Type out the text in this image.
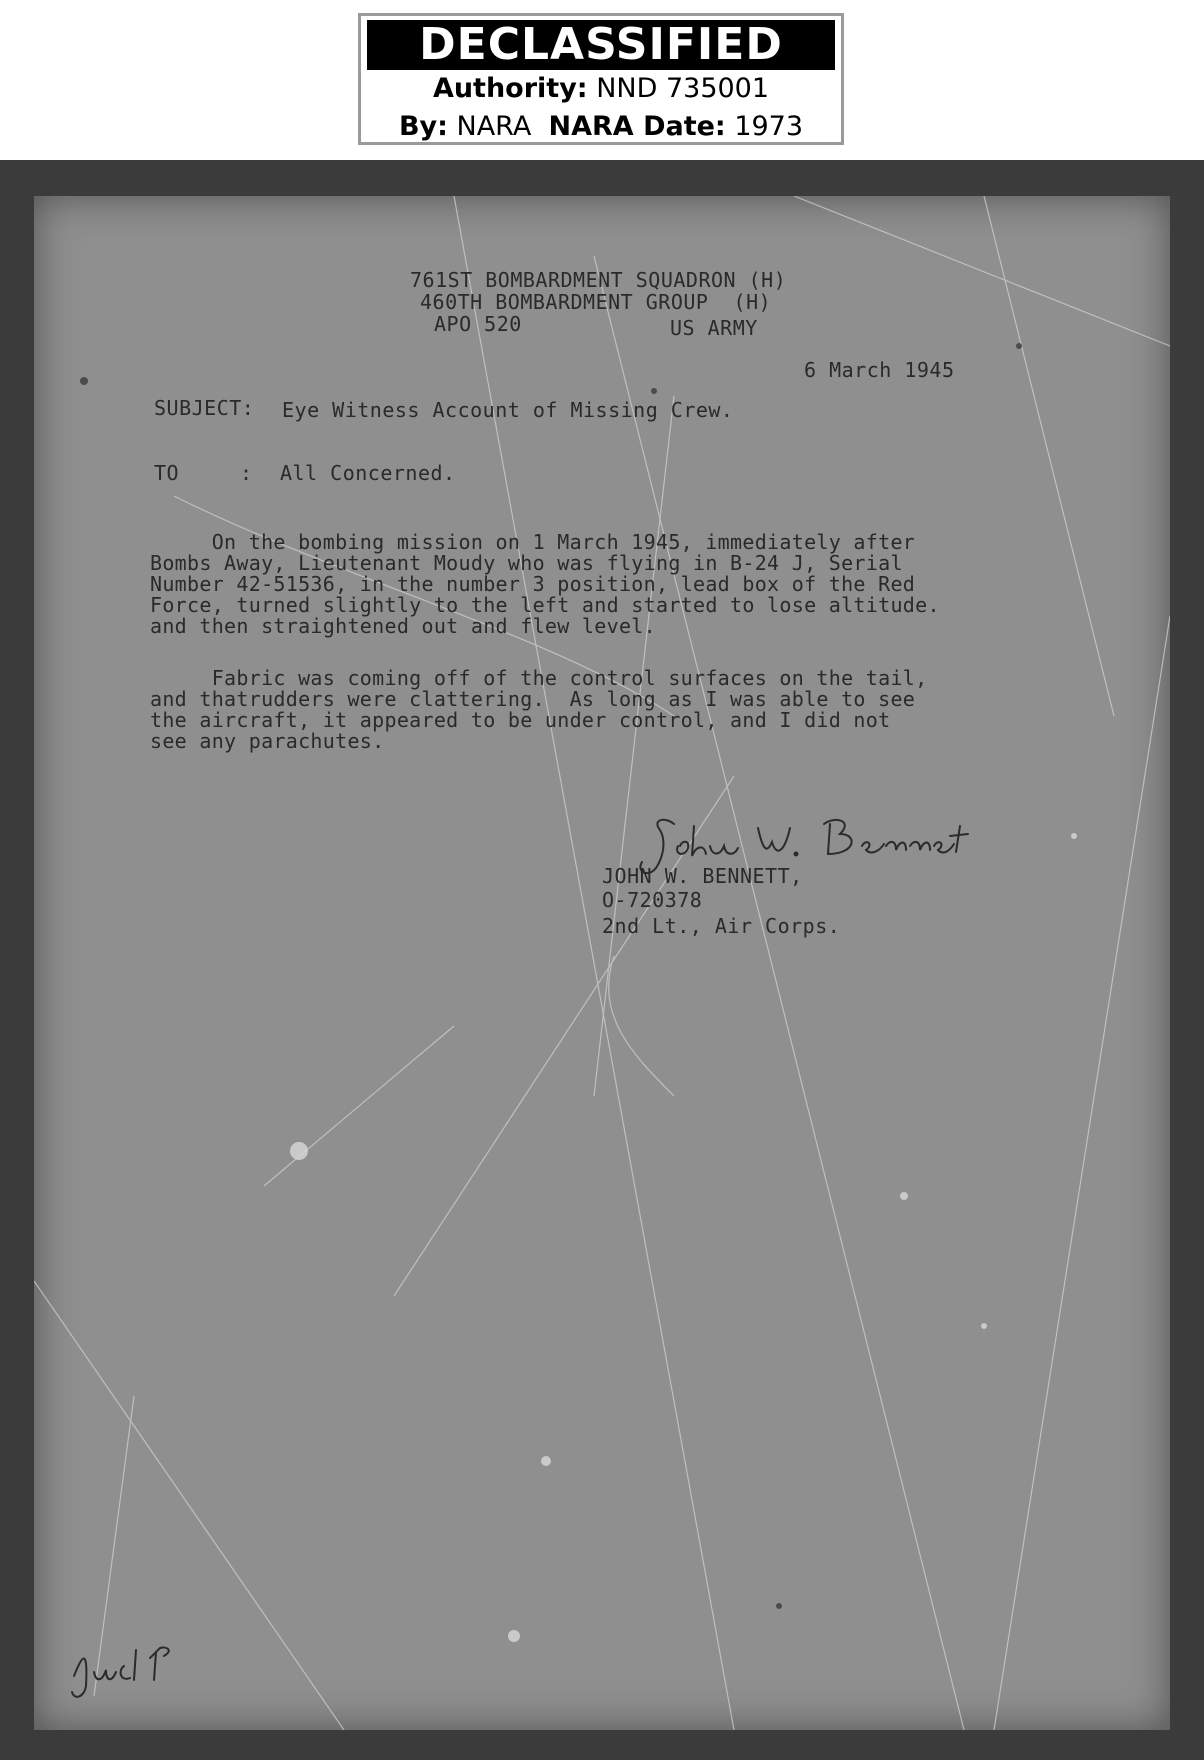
DECLASSIFIED
Authority: NND 735001
By: NARA NARA Date: 1973
761ST BOMBARDMENT SQUADRON (H)
460TH BOMBARDMENT GROUP  (H)
APO 520	US ARMY
6 March 1945
SUBJECT: Eye Witness Account of Missing Crew.
TO	: All Concerned.
On the bombing mission on 1 March 1945, immediately after
Bombs Away, Lieutenant Moudy who was flying in B-24 J, Serial
Number 42-51536, in the number 3 position, lead box of the Red
Force, turned slightly to the left and started to lose altitude.
and then straightened out and flew level.
Fabric was coming off of the control surfaces on the tail,
and thatrudders were clattering.  As long as I was able to see
the aircraft, it appeared to be under control, and I did not
see any parachutes.
JOHN W. BENNETT,
O-720378
2nd Lt., Air Corps.
